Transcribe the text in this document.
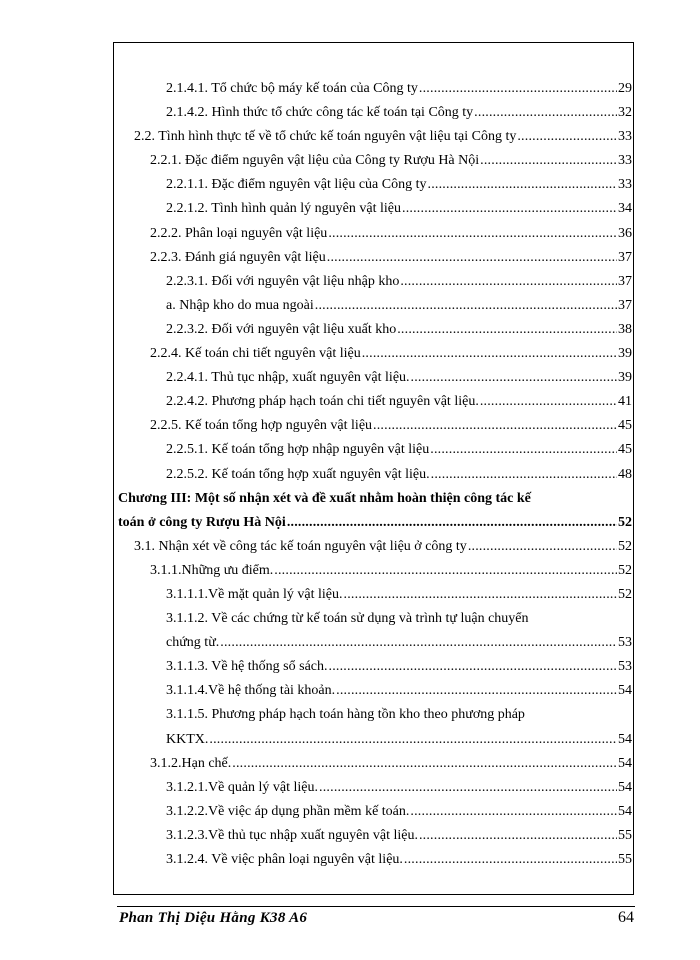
2.1.4.1. Tổ chức bộ máy kế toán của Công ty .....	29
2.1.4.2. Hình thức tổ chức công tác kế toán tại Công ty .....	32
2.2. Tình hình thực tế về tổ chức kế toán nguyên vật liệu tại Công ty .....	33
2.2.1. Đặc điểm nguyên vật liệu của Công ty Rượu Hà Nội .....	33
2.2.1.1. Đặc điểm nguyên vật liệu của Công ty .....	33
2.2.1.2. Tình hình quản lý nguyên vật liệu .....	34
2.2.2. Phân loại nguyên vật liệu .....	36
2.2.3. Đánh giá nguyên vật liệu .....	37
2.2.3.1. Đối với nguyên vật liệu nhập kho .....	37
a. Nhập kho do mua ngoài .....	37
2.2.3.2. Đối với nguyên vật liệu xuất kho .....	38
2.2.4. Kế toán chi tiết nguyên vật liệu .....	39
2.2.4.1. Thủ tục nhập, xuất nguyên vật liệu. .....	39
2.2.4.2. Phương pháp hạch toán chi tiết nguyên vật liệu. .....	41
2.2.5. Kế toán tổng hợp nguyên vật liệu .....	45
2.2.5.1. Kế toán tổng hợp nhập nguyên vật liệu .....	45
2.2.5.2. Kế toán tổng hợp xuất nguyên vật liệu. .....	48
Chương III: Một số nhận xét và đề xuất nhằm hoàn thiện công tác kế
toán ở công ty Rượu Hà Nội .....	52
3.1. Nhận xét về công tác kế toán nguyên vật liệu ở công ty .....	52
3.1.1.Những ưu điểm. .....	52
3.1.1.1.Về mặt quản lý vật liệu. .....	52
3.1.1.2. Về các chứng từ kế toán sử dụng và trình tự luận chuyển
chứng từ. .....	53
3.1.1.3. Về hệ thống sổ sách. .....	53
3.1.1.4.Về hệ thống tài khoản. .....	54
3.1.1.5. Phương pháp hạch toán hàng tồn kho theo phương pháp
KKTX. .....	54
3.1.2.Hạn chế. .....	54
3.1.2.1.Về quản lý vật liệu. .....	54
3.1.2.2.Về việc áp dụng phần mềm kế toán. .....	54
3.1.2.3.Về thủ tục nhập xuất nguyên vật liệu. .....	55
3.1.2.4. Về việc phân loại nguyên vật liệu. .....	55
Phan Thị Diệu Hằng K38 A6	64
